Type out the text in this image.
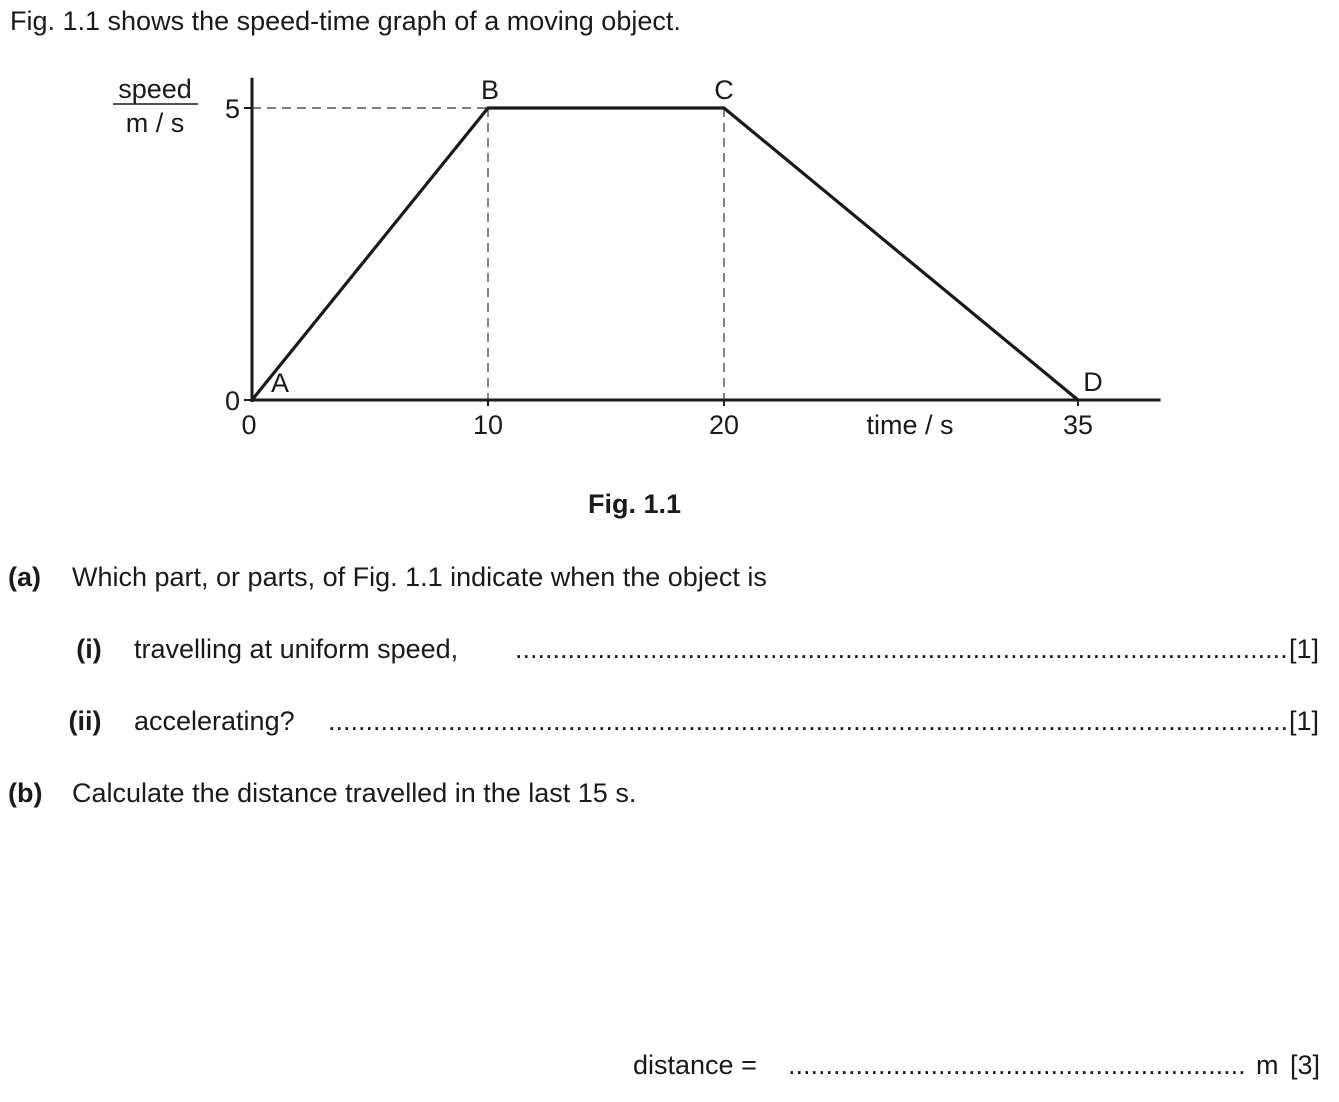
Fig. 1.1 shows the speed-time graph of a moving object.
speed
m / s
0	10	20	35
0
5
A
B	C
D
time / s
Fig. 1.1
(a) Which part, or parts, of Fig. 1.1 indicate when the object is
(i) travelling at uniform speed, .....	[1]
(ii) accelerating? .....	[1]
(b) Calculate the distance travelled in the last 15 s.
distance = .....	m [3]
